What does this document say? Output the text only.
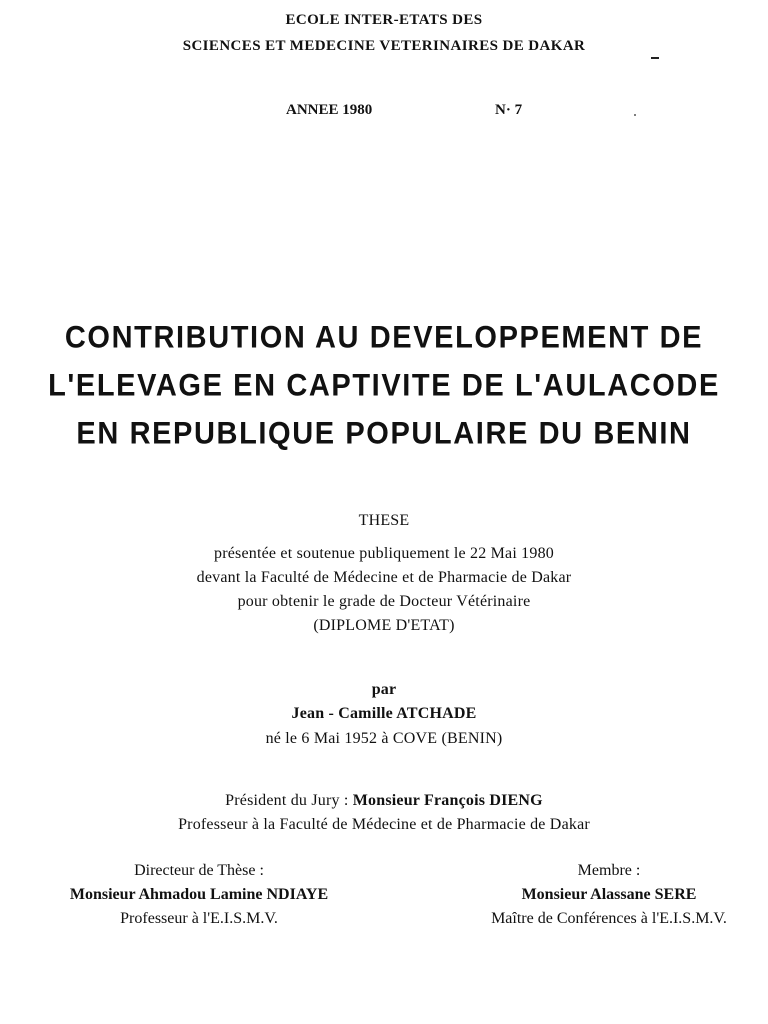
ECOLE INTER-ETATS DES
SCIENCES ET MEDECINE VETERINAIRES DE DAKAR
ANNEE 1980	N· 7
CONTRIBUTION AU DEVELOPPEMENT DE
L'ELEVAGE EN CAPTIVITE DE L'AULACODE
EN REPUBLIQUE POPULAIRE DU BENIN
THESE
présentée et soutenue publiquement le 22 Mai 1980
devant la Faculté de Médecine et de Pharmacie de Dakar
pour obtenir le grade de Docteur Vétérinaire
(DIPLOME D'ETAT)
par
Jean - Camille ATCHADE
né le 6 Mai 1952 à COVE (BENIN)
Président du Jury : Monsieur François DIENG
Professeur à la Faculté de Médecine et de Pharmacie de Dakar
Directeur de Thèse :
Monsieur Ahmadou Lamine NDIAYE
Professeur à l'E.I.S.M.V.
Membre :
Monsieur Alassane SERE
Maître de Conférences à l'E.I.S.M.V.
